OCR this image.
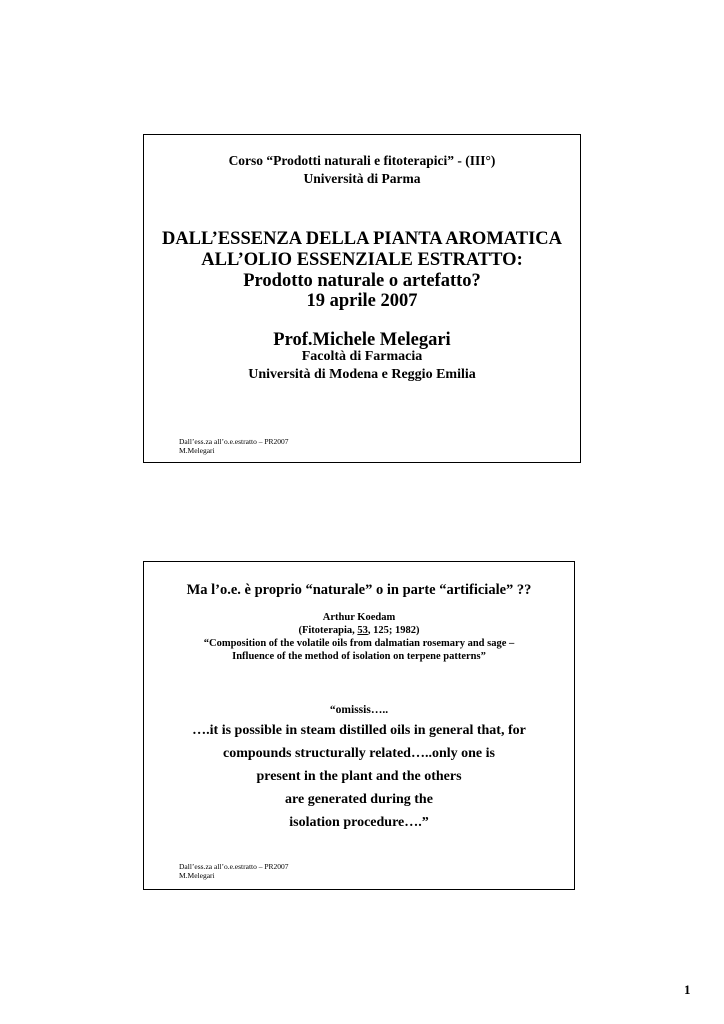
Corso “Prodotti naturali e fitoterapici” - (III°)
Università di Parma
DALL’ESSENZA DELLA PIANTA AROMATICA
ALL’OLIO ESSENZIALE ESTRATTO:
Prodotto naturale o artefatto?
19 aprile 2007
Prof.Michele Melegari
Facoltà di Farmacia
Università di Modena e Reggio Emilia
Dall’ess.za all’o.e.estratto – PR2007
M.Melegari
Ma l’o.e. è proprio “naturale” o in parte “artificiale” ??
Arthur Koedam
(Fitoterapia, 53, 125; 1982)
“Composition of the volatile oils from dalmatian rosemary and sage –
Influence of the method of isolation on terpene patterns”
“omissis…..
….it is possible in steam distilled oils in general that, for
compounds structurally related…..only one is
present in the plant and the others
are generated during the
isolation procedure….”
Dall’ess.za all’o.e.estratto – PR2007
M.Melegari
1
